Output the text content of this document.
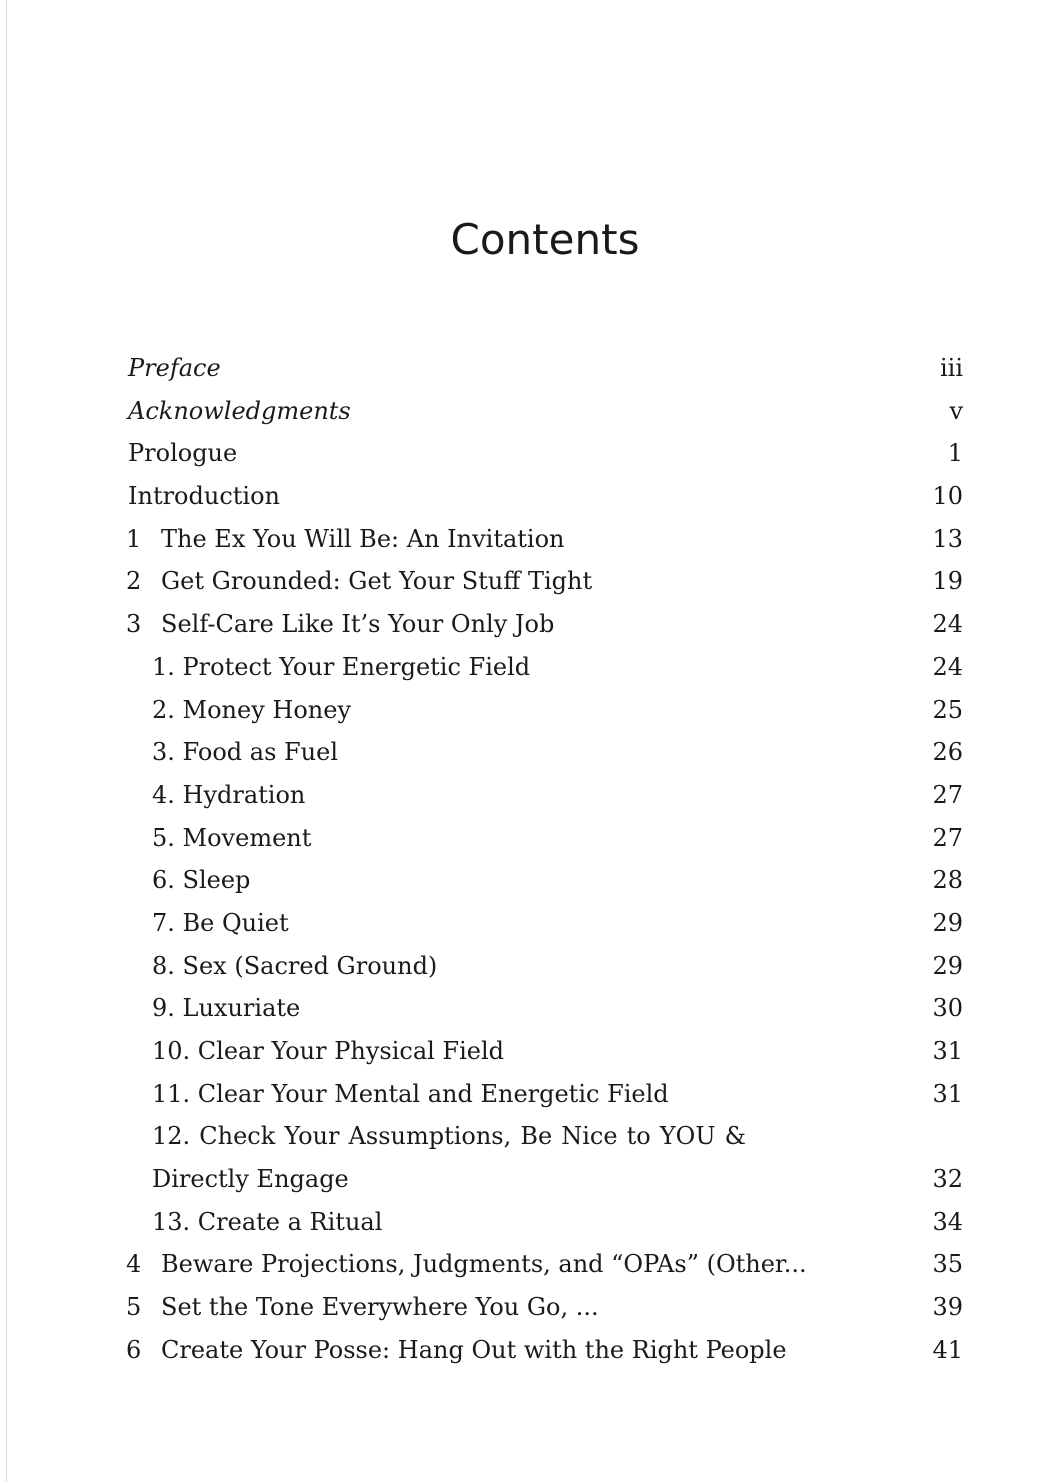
Contents
Preface	iii
Acknowledgments	v
Prologue	1
Introduction	10
1 The Ex You Will Be: An Invitation	13
2 Get Grounded: Get Your Stuff Tight	19
3 Self-Care Like It’s Your Only Job	24
1. Protect Your Energetic Field	24
2. Money Honey	25
3. Food as Fuel	26
4. Hydration	27
5. Movement	27
6. Sleep	28
7. Be Quiet	29
8. Sex (Sacred Ground)	29
9. Luxuriate	30
10. Clear Your Physical Field	31
11. Clear Your Mental and Energetic Field	31
12. Check Your Assumptions, Be Nice to YOU &
Directly Engage	32
13. Create a Ritual	34
4 Beware Projections, Judgments, and “OPAs” (Other...	35
5 Set the Tone Everywhere You Go, ...	39
6 Create Your Posse: Hang Out with the Right People	41
